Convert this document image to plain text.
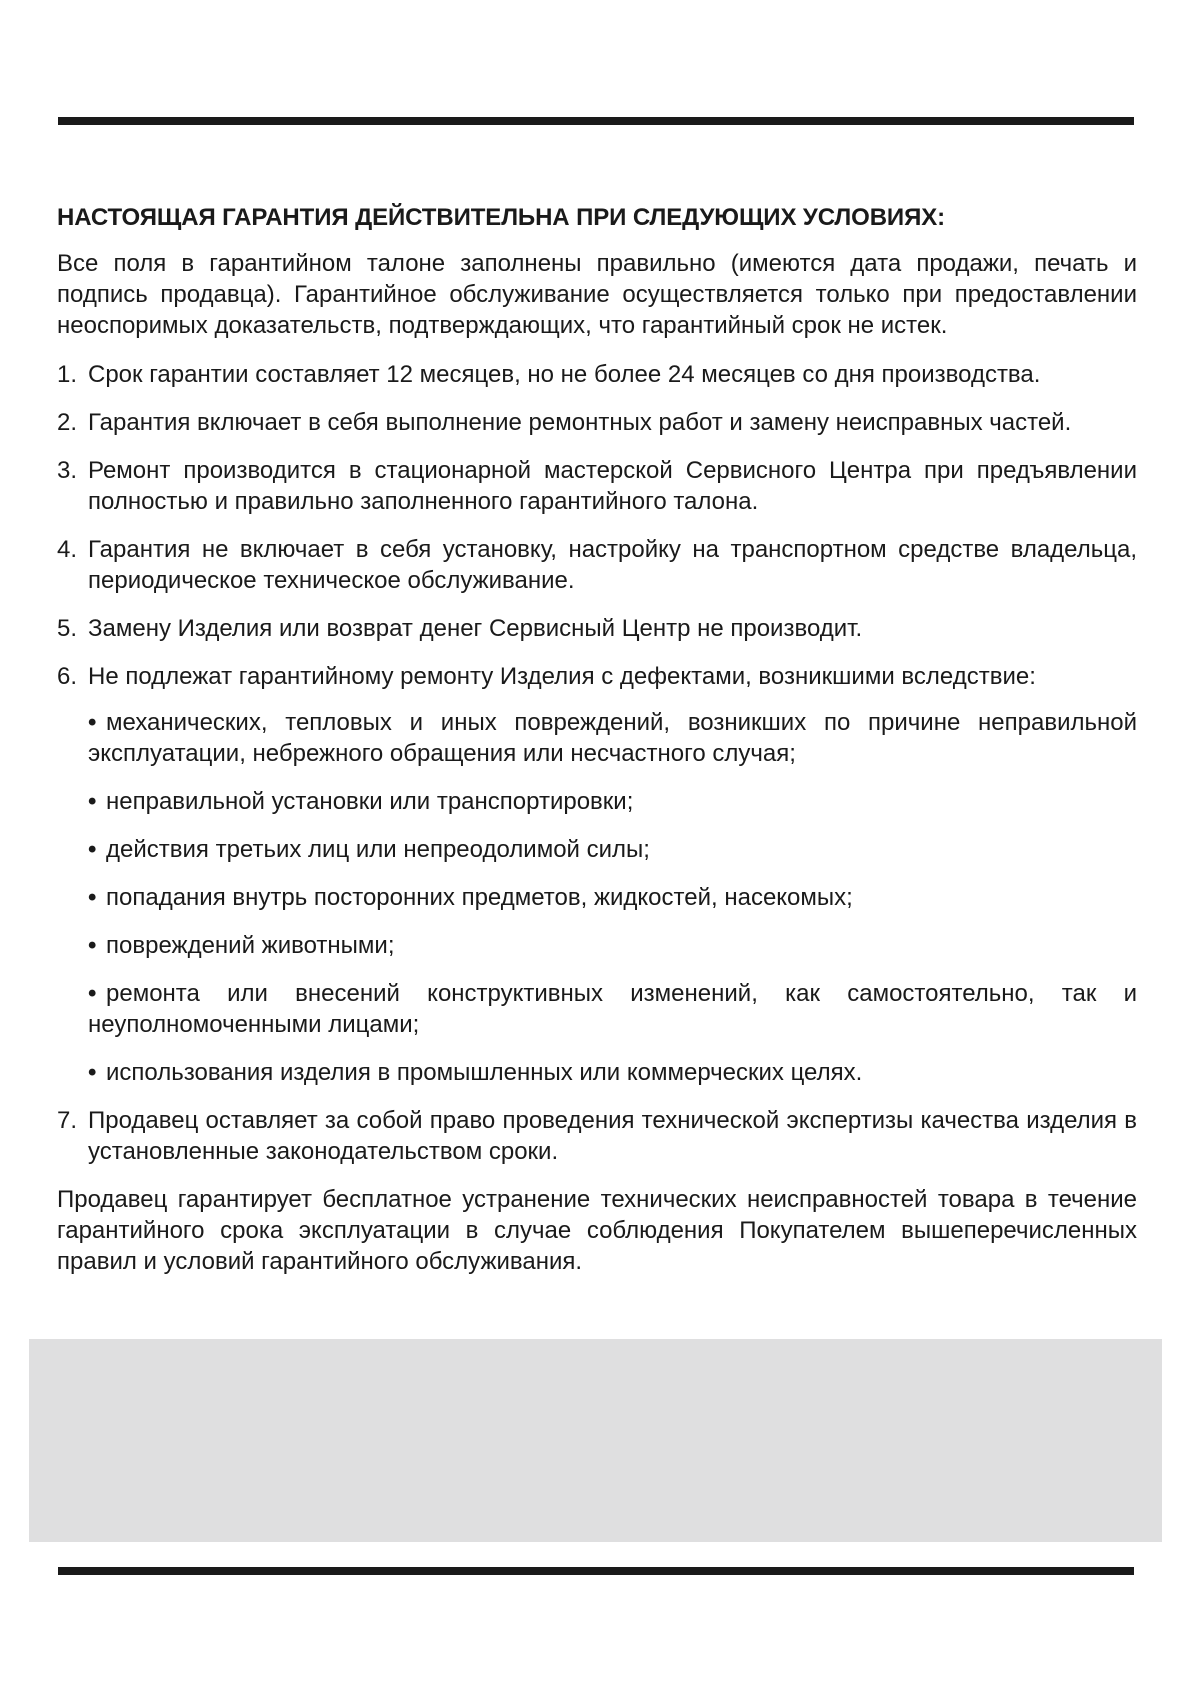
НАСТОЯЩАЯ ГАРАНТИЯ ДЕЙСТВИТЕЛЬНА ПРИ СЛЕДУЮЩИХ УСЛОВИЯХ:

Все поля в гарантийном талоне заполнены правильно (имеются дата продажи, печать и подпись продавца). Гарантийное обслуживание осуществляется только при предоставлении неоспоримых доказательств, подтверждающих, что гарантийный срок не истек.

1. Срок гарантии составляет 12 месяцев, но не более 24 месяцев со дня производства.
2. Гарантия включает в себя выполнение ремонтных работ и замену неисправных частей.
3. Ремонт производится в стационарной мастерской Сервисного Центра при предъявлении полностью и правильно заполненного гарантийного талона.
4. Гарантия не включает в себя установку, настройку на транспортном средстве владельца, периодическое техническое обслуживание.
5. Замену Изделия или возврат денег Сервисный Центр не производит.
6. Не подлежат гарантийному ремонту Изделия с дефектами, возникшими вследствие:
• механических, тепловых и иных повреждений, возникших по причине неправильной эксплуатации, небрежного обращения или несчастного случая;
• неправильной установки или транспортировки;
• действия третьих лиц или непреодолимой силы;
• попадания внутрь посторонних предметов, жидкостей, насекомых;
• повреждений животными;
• ремонта или внесений конструктивных изменений, как самостоятельно, так и неуполномоченными лицами;
• использования изделия в промышленных или коммерческих целях.
7. Продавец оставляет за собой право проведения технической экспертизы качества изделия в установленные законодательством сроки.

Продавец гарантирует бесплатное устранение технических неисправностей товара в течение гарантийного срока эксплуатации в случае соблюдения Покупателем вышеперечисленных правил и условий гарантийного обслуживания.
